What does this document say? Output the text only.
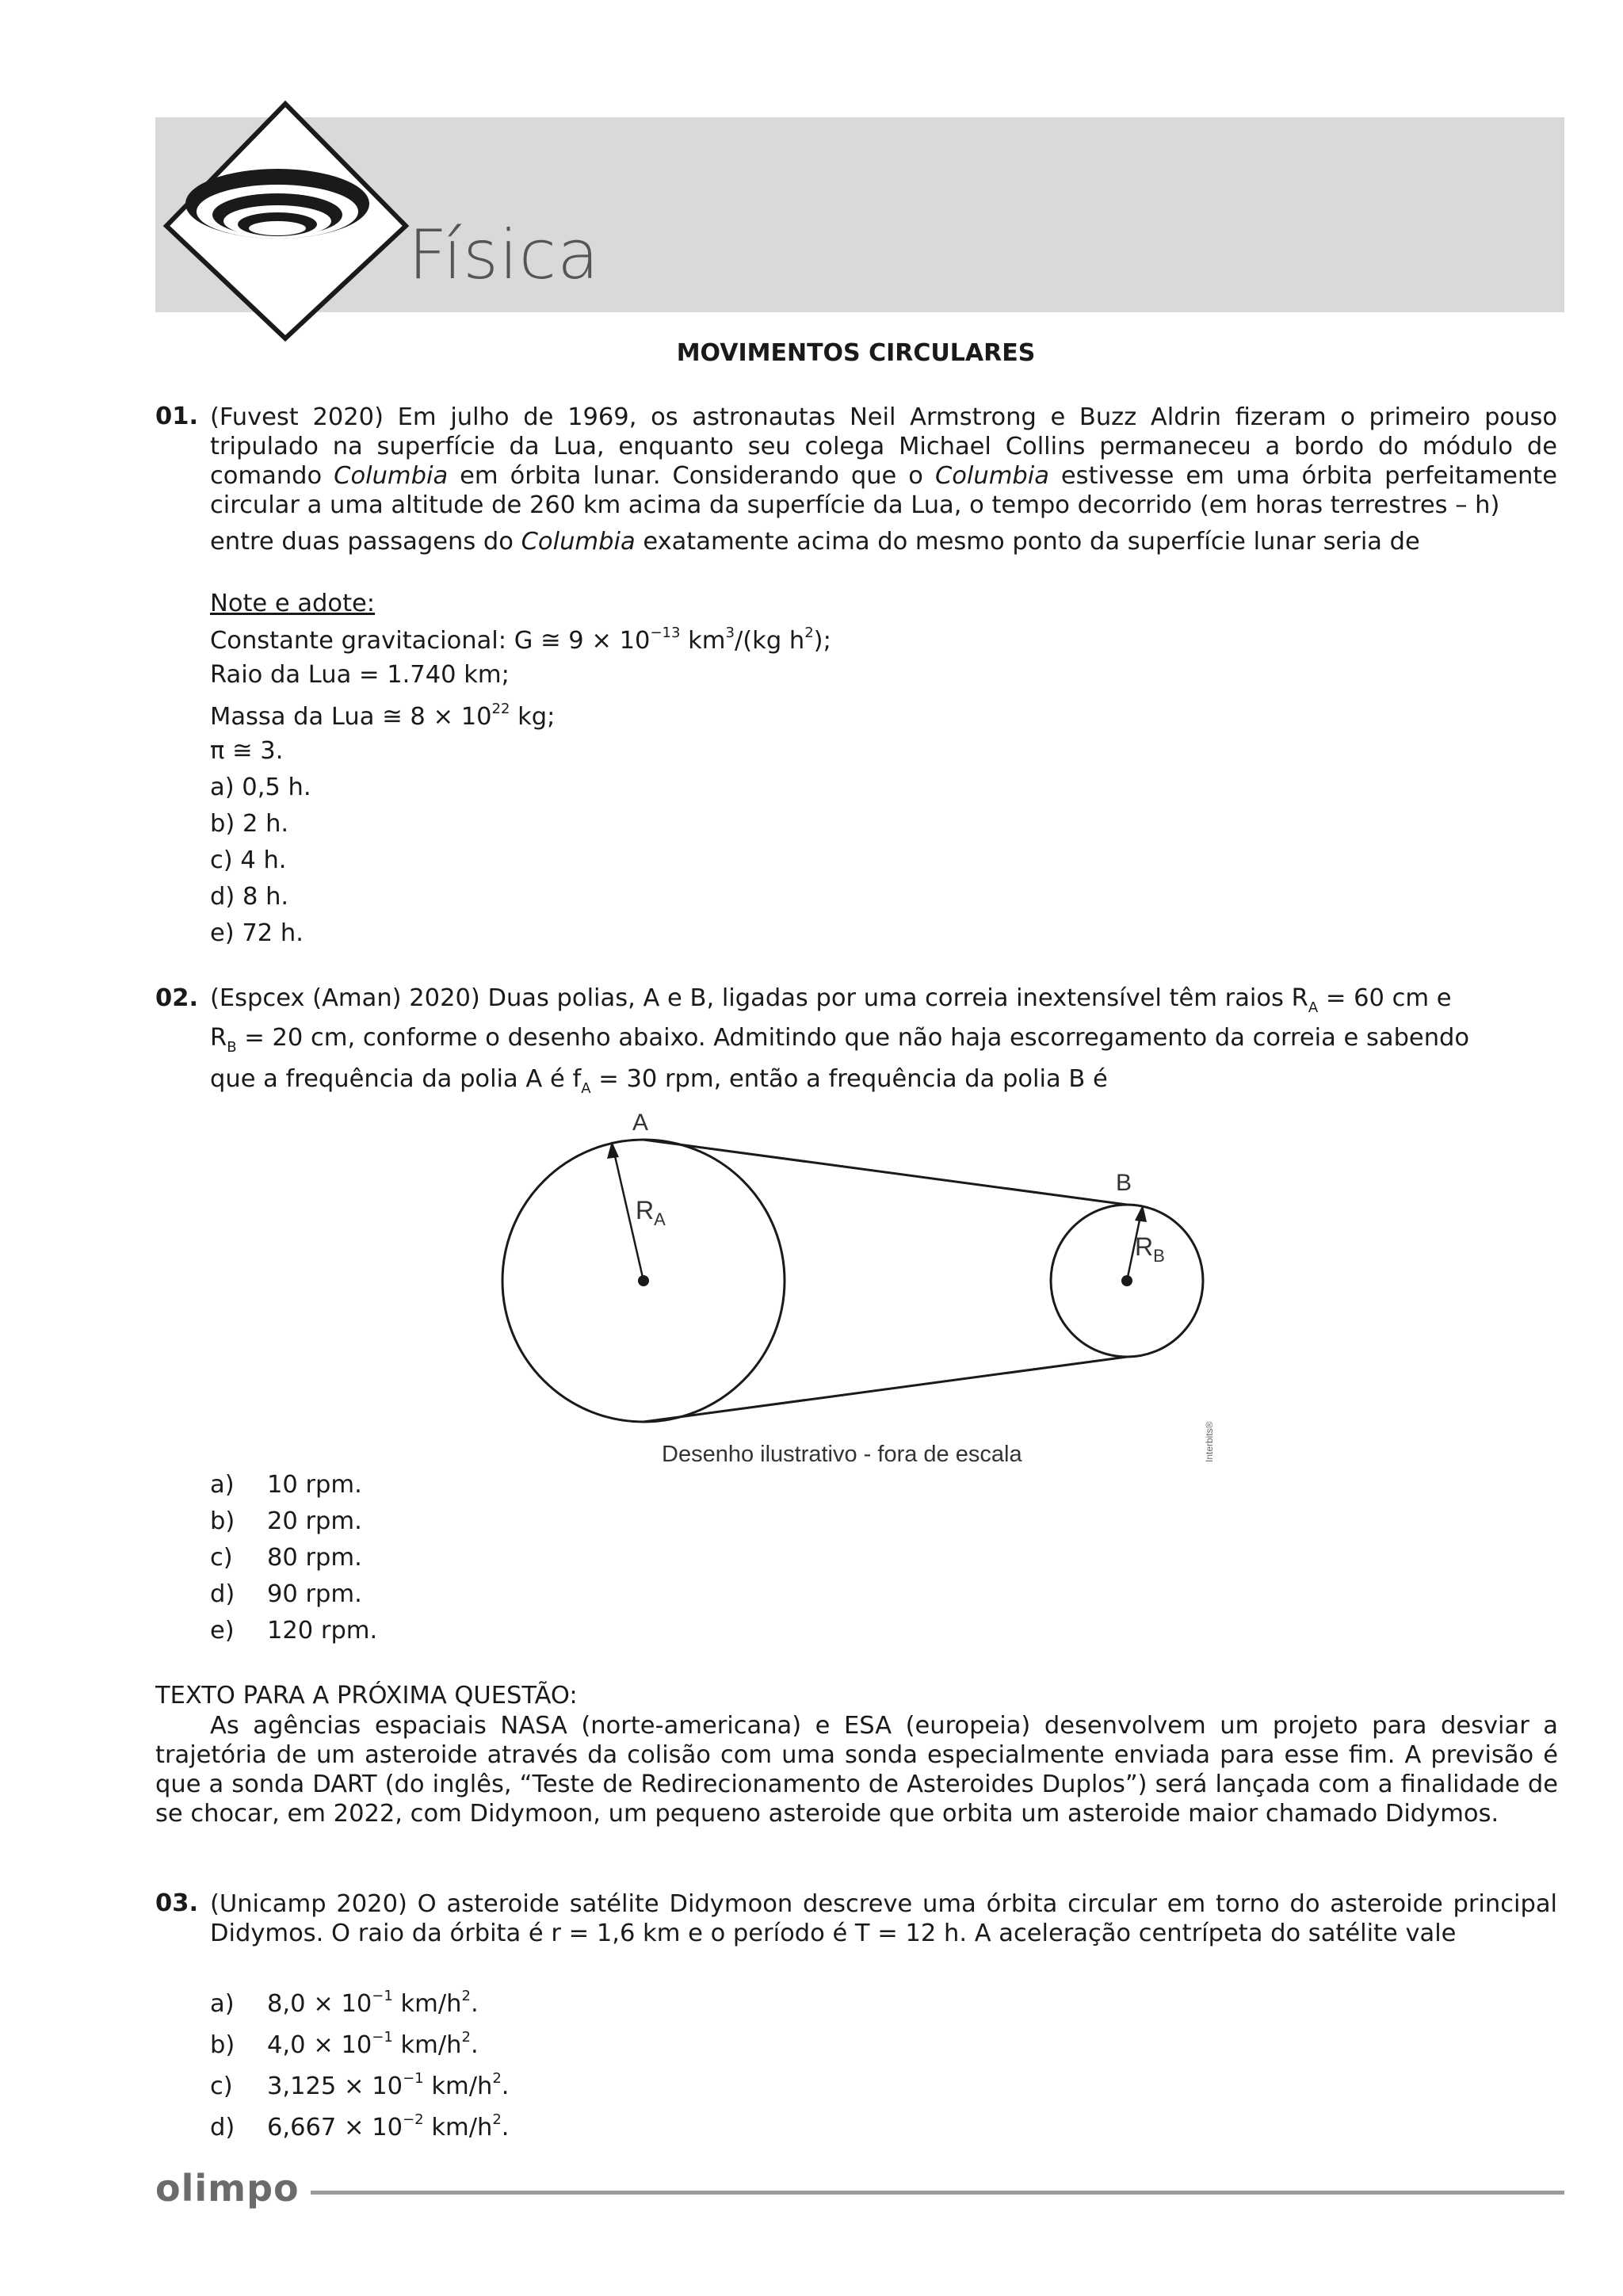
Física
MOVIMENTOS CIRCULARES
01. (Fuvest 2020) Em julho de 1969, os astronautas Neil Armstrong e Buzz Aldrin fizeram o primeiro pouso tripulado na superfície da Lua, enquanto seu colega Michael Collins permaneceu a bordo do módulo de comando Columbia em órbita lunar. Considerando que o Columbia estivesse em uma órbita perfeitamente circular a uma altitude de 260 km acima da superfície da Lua, o tempo decorrido (em horas terrestres – h)
entre duas passagens do Columbia exatamente acima do mesmo ponto da superfície lunar seria de
Note e adote:
Constante gravitacional: G ≅ $9 \times 10^{-13}$ $km^3/(kg$ $h^2$);
Raio da Lua = 1.740 km;
Massa da Lua ≅ $8 \times 10^{22}$ kg;
π ≅ 3.
a) 0,5 h.
b) 2 h.
c) 4 h.
d) 8 h.
e) 72 h.
02. (Espcex (Aman) 2020) Duas polias, A e B, ligadas por uma correia inextensível têm raios $R_A = 60$ cm e
$R_B = 20$ cm, conforme o desenho abaixo. Admitindo que não haja escorregamento da correia e sabendo
que a frequência da polia A é $f_A = 30$ rpm, então a frequência da polia B é
A
B
$R_A$
$R_B$
Desenho ilustrativo - fora de escala	Interbits®
a) 10 rpm.
b) 20 rpm.
c) 80 rpm.
d) 90 rpm.
e) 120 rpm.
TEXTO PARA A PRÓXIMA QUESTÃO:
As agências espaciais NASA (norte-americana) e ESA (europeia) desenvolvem um projeto para desviar a trajetória de um asteroide através da colisão com uma sonda especialmente enviada para esse fim. A previsão é que a sonda DART (do inglês, “Teste de Redirecionamento de Asteroides Duplos”) será lançada com a finalidade de se chocar, em 2022, com Didymoon, um pequeno asteroide que orbita um asteroide maior chamado Didymos.
03. (Unicamp 2020) O asteroide satélite Didymoon descreve uma órbita circular em torno do asteroide principal Didymos. O raio da órbita é r = 1,6 km e o período é T = 12 h. A aceleração centrípeta do satélite vale
a) $8,0 \times 10^{-1}$ $km/h^2$.
b) $4,0 \times 10^{-1}$ $km/h^2$.
c) $3,125 \times 10^{-1}$ $km/h^2$.
d) $6,667 \times 10^{-2}$ $km/h^2$.
olimpo
